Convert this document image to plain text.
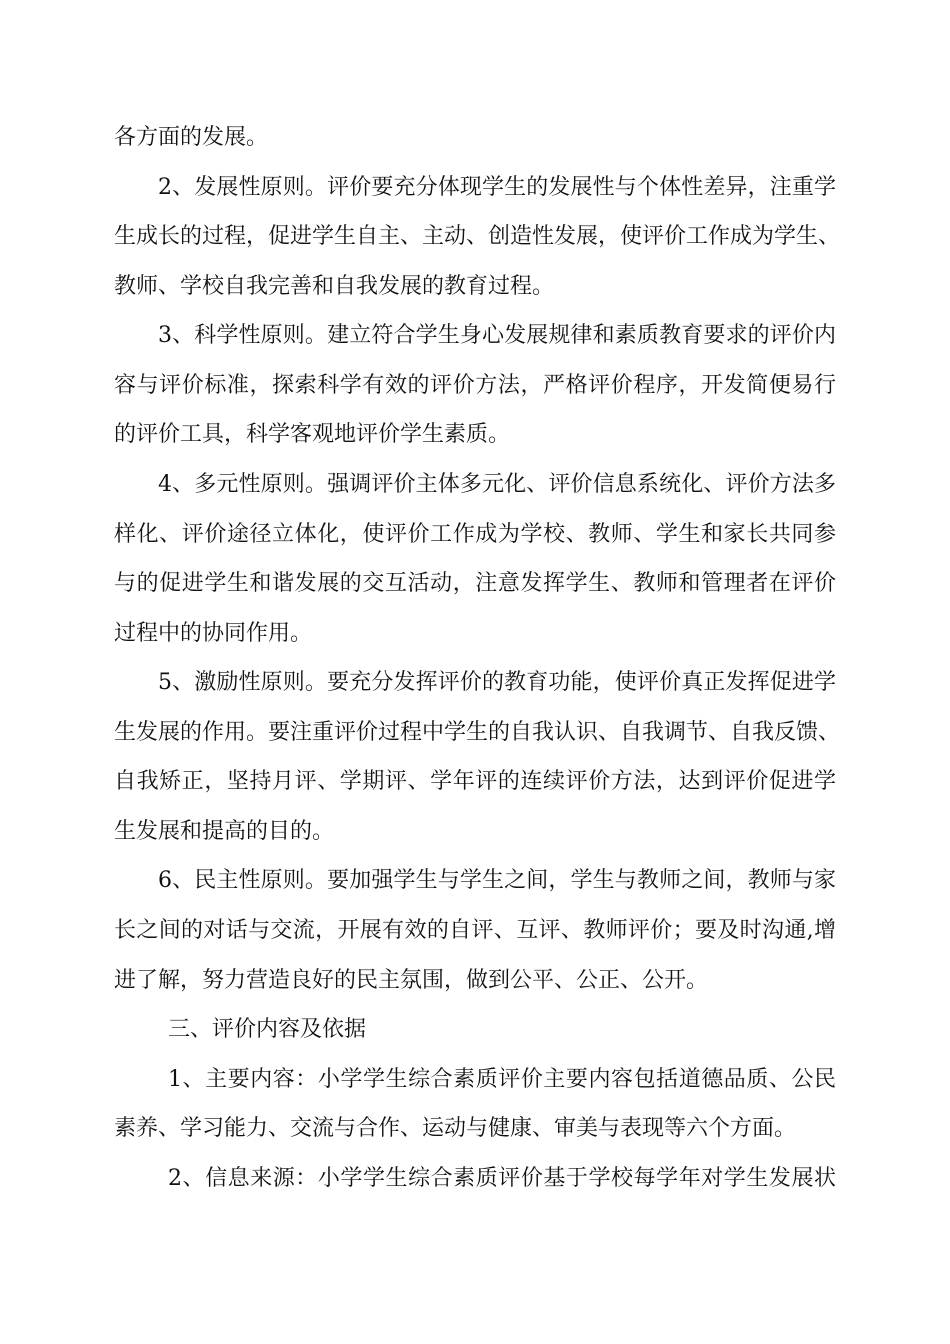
各方面的发展。
2、发展性原则。评价要充分体现学生的发展性与个体性差异，注重学
生成长的过程，促进学生自主、主动、创造性发展，使评价工作成为学生、
教师、学校自我完善和自我发展的教育过程。
3、科学性原则。建立符合学生身心发展规律和素质教育要求的评价内
容与评价标准，探索科学有效的评价方法，严格评价程序，开发简便易行
的评价工具，科学客观地评价学生素质。
4、多元性原则。强调评价主体多元化、评价信息系统化、评价方法多
样化、评价途径立体化，使评价工作成为学校、教师、学生和家长共同参
与的促进学生和谐发展的交互活动，注意发挥学生、教师和管理者在评价
过程中的协同作用。
5、激励性原则。要充分发挥评价的教育功能，使评价真正发挥促进学
生发展的作用。要注重评价过程中学生的自我认识、自我调节、自我反馈、
自我矫正，坚持月评、学期评、学年评的连续评价方法，达到评价促进学
生发展和提高的目的。
6、民主性原则。要加强学生与学生之间，学生与教师之间，教师与家
长之间的对话与交流，开展有效的自评、互评、教师评价；要及时沟通,增
进了解，努力营造良好的民主氛围，做到公平、公正、公开。
三、评价内容及依据
1、主要内容：小学学生综合素质评价主要内容包括道德品质、公民
素养、学习能力、交流与合作、运动与健康、审美与表现等六个方面。
2、信息来源：小学学生综合素质评价基于学校每学年对学生发展状
